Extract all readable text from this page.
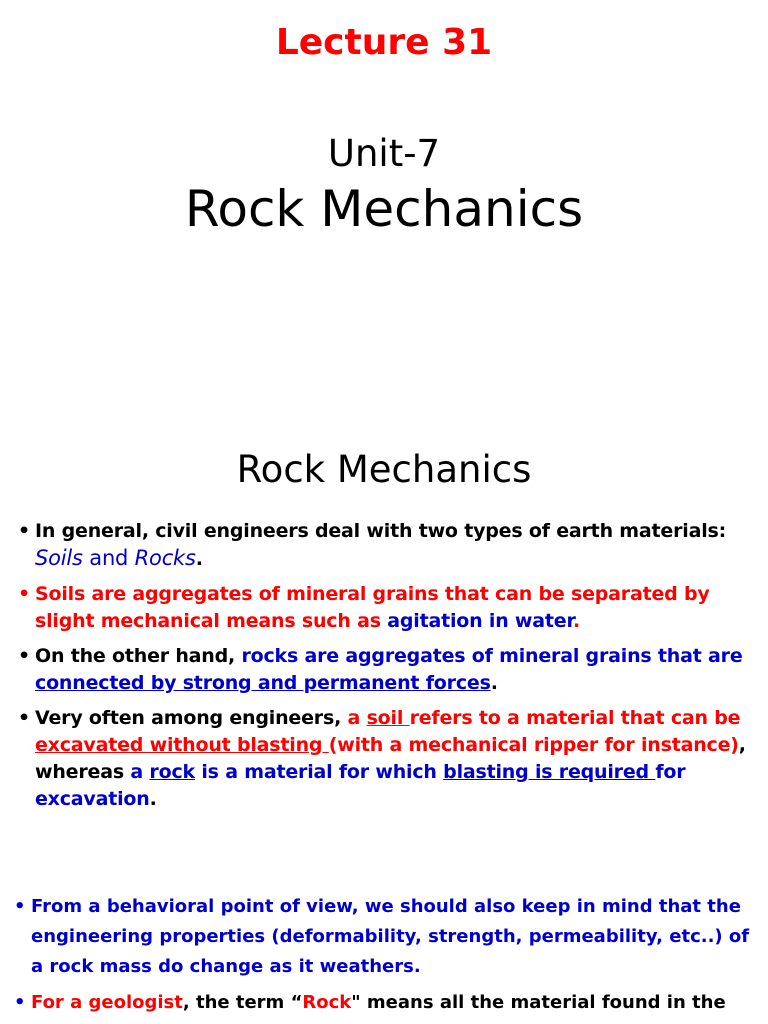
Lecture 31
Unit-7
Rock Mechanics
Rock Mechanics
• In general, civil engineers deal with two types of earth materials: Soils and Rocks.
• Soils are aggregates of mineral grains that can be separated by slight mechanical means such as agitation in water.
• On the other hand, rocks are aggregates of mineral grains that are connected by strong and permanent forces.
• Very often among engineers, a soil refers to a material that can be excavated without blasting (with a mechanical ripper for instance), whereas a rock is a material for which blasting is required for excavation.
• From a behavioral point of view, we should also keep in mind that the engineering properties (deformability, strength, permeability, etc..) of a rock mass do change as it weathers.
• For a geologist, the term “Rock" means all the material found in the
